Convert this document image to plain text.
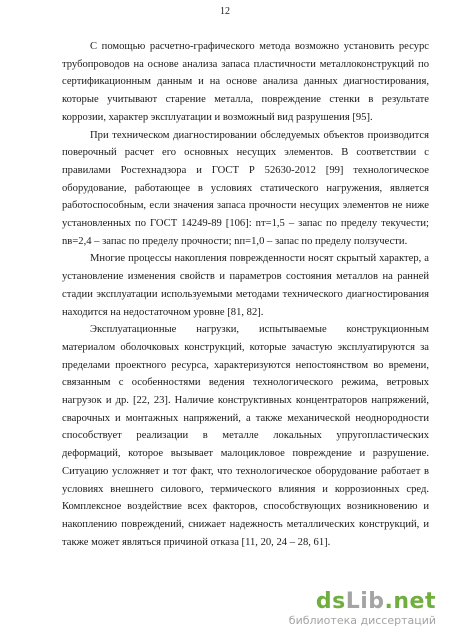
12

С помощью расчетно-графического метода возможно установить ресурс трубопроводов на основе анализа запаса пластичности металлоконструкций по сертификационным данным и на основе анализа данных диагностирования, которые учитывают старение металла, повреждение стенки в результате коррозии, характер эксплуатации и возможный вид разрушения [95].

При техническом диагностировании обследуемых объектов производится поверочный расчет его основных несущих элементов. В соответствии с правилами Ростехнадзора и ГОСТ Р 52630-2012 [99] технологическое оборудование, работающее в условиях статического нагружения, является работоспособным, если значения запаса прочности несущих элементов не ниже установленных по ГОСТ 14249-89 [106]: nт=1,5 – запас по пределу текучести; nв=2,4 – запас по пределу прочности; nп=1,0 – запас по пределу ползучести.

Многие процессы накопления поврежденности носят скрытый характер, а установление изменения свойств и параметров состояния металлов на ранней стадии эксплуатации используемыми методами технического диагностирования находится на недостаточном уровне [81, 82].

Эксплуатационные нагрузки, испытываемые конструкционным материалом оболочковых конструкций, которые зачастую эксплуатируются за пределами проектного ресурса, характеризуются непостоянством во времени, связанным с особенностями ведения технологического режима, ветровых нагрузок и др. [22, 23]. Наличие конструктивных концентраторов напряжений, сварочных и монтажных напряжений, а также механической неоднородности способствует реализации в металле локальных упругопластических деформаций, которое вызывает малоцикловое повреждение и разрушение. Ситуацию усложняет и тот факт, что технологическое оборудование работает в условиях внешнего силового, термического влияния и коррозионных сред. Комплексное воздействие всех факторов, способствующих возникновению и накоплению повреждений, снижает надежность металлических конструкций, и также может являться причиной отказа [11, 20, 24 – 28, 61].

dsLib.net
библиотека диссертаций
